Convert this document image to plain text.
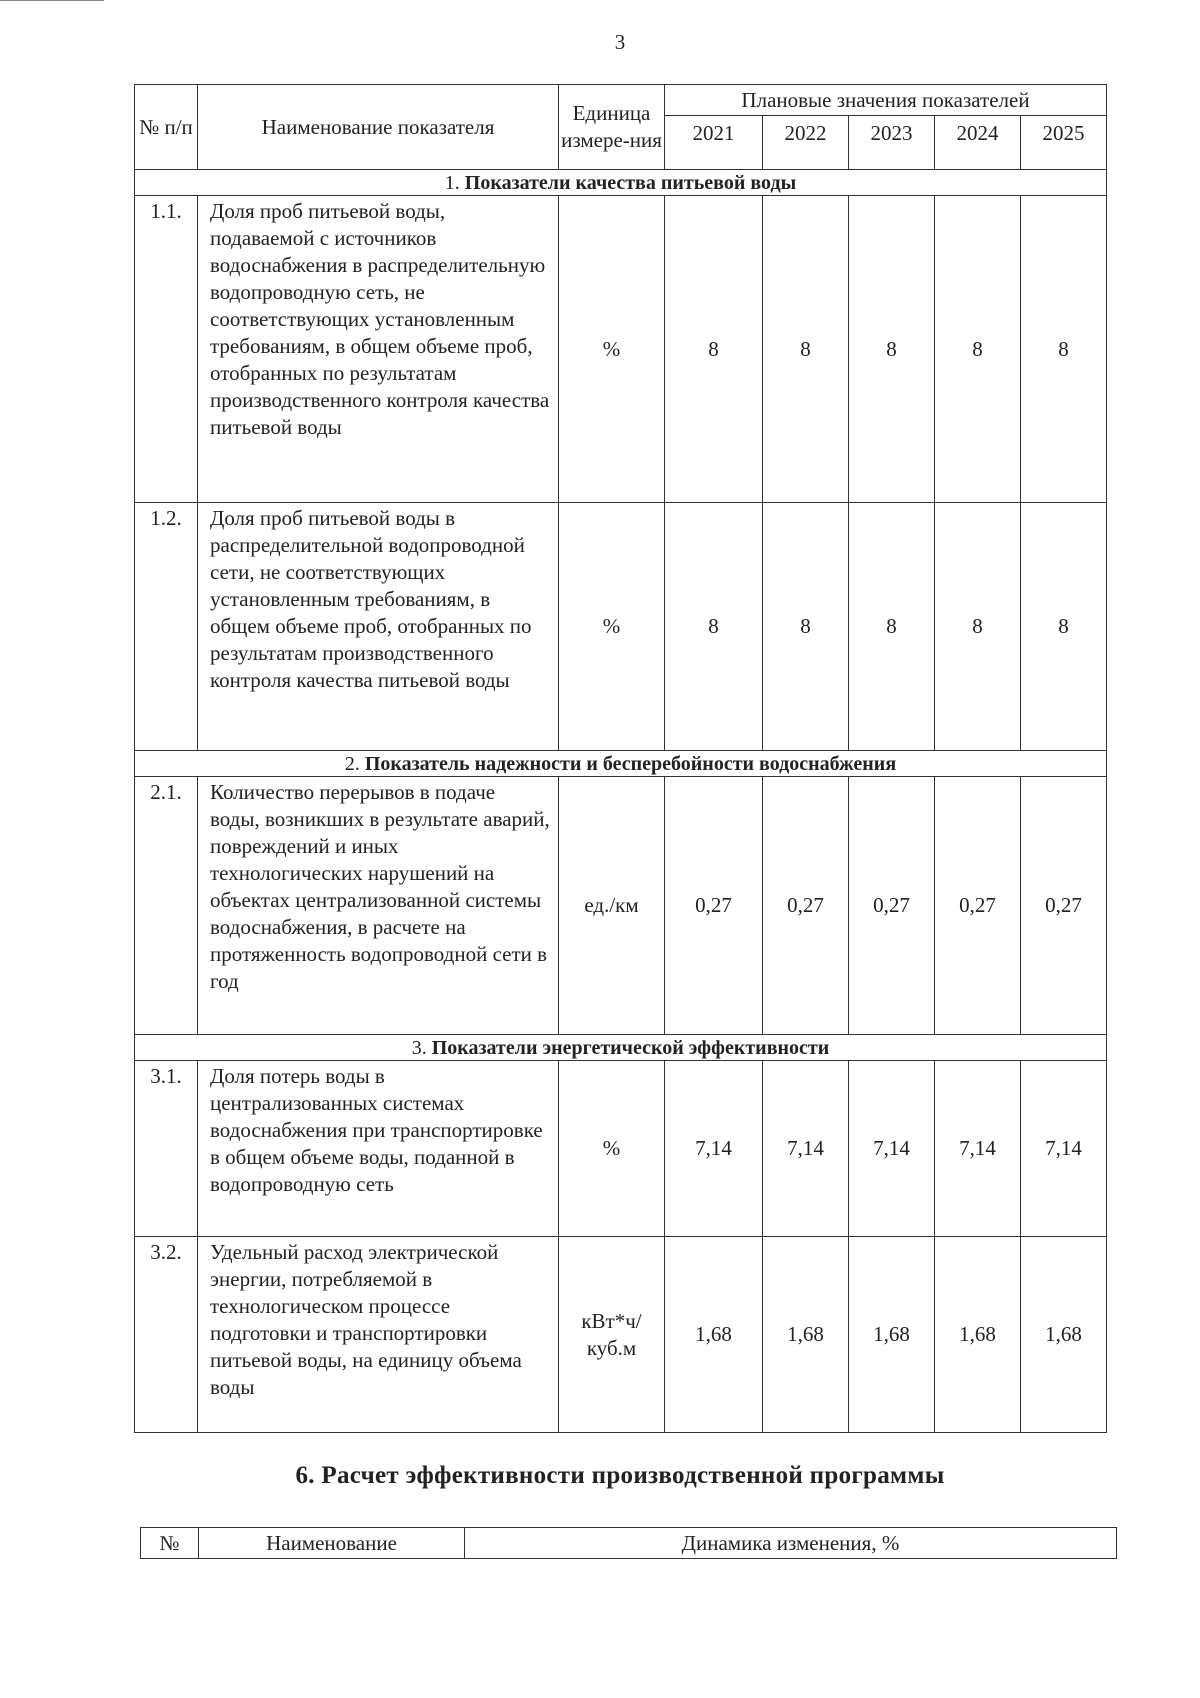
3
№ п/п	Наименование показателя	Единица измере-ния	Плановые значения показателей				
			2021	2022	2023	2024	2025
1. Показатели качества питьевой воды							
1.1.	Доля проб питьевой воды, подаваемой с источников водоснабжения в распределительную водопроводную сеть, не соответствующих установленным требованиям, в общем объеме проб, отобранных по результатам производственного контроля качества питьевой воды	%	8	8	8	8	8
1.2.	Доля проб питьевой воды в распределительной водопроводной сети, не соответствующих установленным требованиям, в общем объеме проб, отобранных по результатам производственного контроля качества питьевой воды	%	8	8	8	8	8
2. Показатель надежности и бесперебойности водоснабжения							
2.1.	Количество перерывов в подаче воды, возникших в результате аварий, повреждений и иных технологических нарушений на объектах централизованной системы водоснабжения, в расчете на протяженность водопроводной сети в год	ед./км	0,27	0,27	0,27	0,27	0,27
3. Показатели энергетической эффективности							
3.1.	Доля потерь воды в централизованных системах водоснабжения при транспортировке в общем объеме воды, поданной в водопроводную сеть	%	7,14	7,14	7,14	7,14	7,14
3.2.	Удельный расход электрической энергии, потребляемой в технологическом процессе подготовки и транспортировки питьевой воды, на единицу объема воды	кВт*ч/ куб.м	1,68	1,68	1,68	1,68	1,68
6. Расчет эффективности производственной программы
№	Наименование	Динамика изменения, %
